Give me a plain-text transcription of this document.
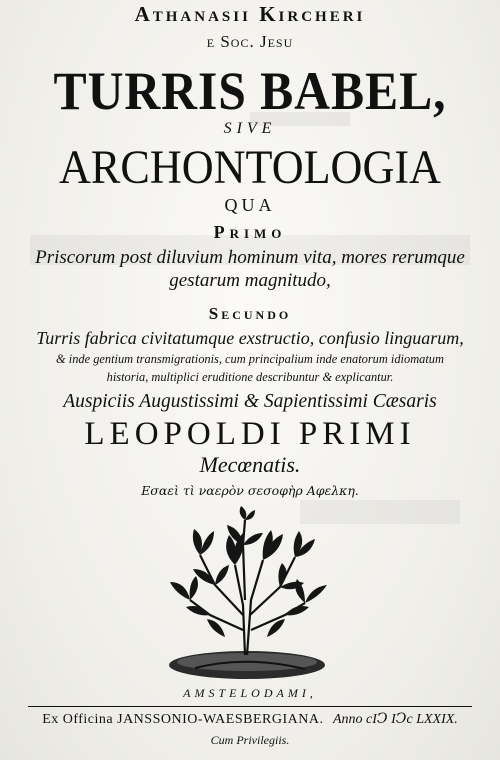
Athanasii Kircheri
e Soc. Jesu
TURRIS BABEL,
SIVE
ARCHONTOLOGIA
QUA
Primo
Priscorum post diluvium hominum vita, mores rerumque
gestarum magnitudo,
Secundo
Turris fabrica civitatumque exstructio, confusio linguarum,
& inde gentium transmigrationis, cum principalium inde enatorum idiomatum
historia, multiplici eruditione describuntur & explicantur.
Auspiciis Augustissimi & Sapientissimi Cæsaris
LEOPOLDI PRIMI
Mecœnatis.
Εσαεὶ τὶ ναερὸν σεσοφὴρ Αφελκη.
AMSTELODAMI,
Ex Officina JANSSONIO-WAESBERGIANA. Anno cIↃ IↃc LXXIX.
Cum Privilegiis.
